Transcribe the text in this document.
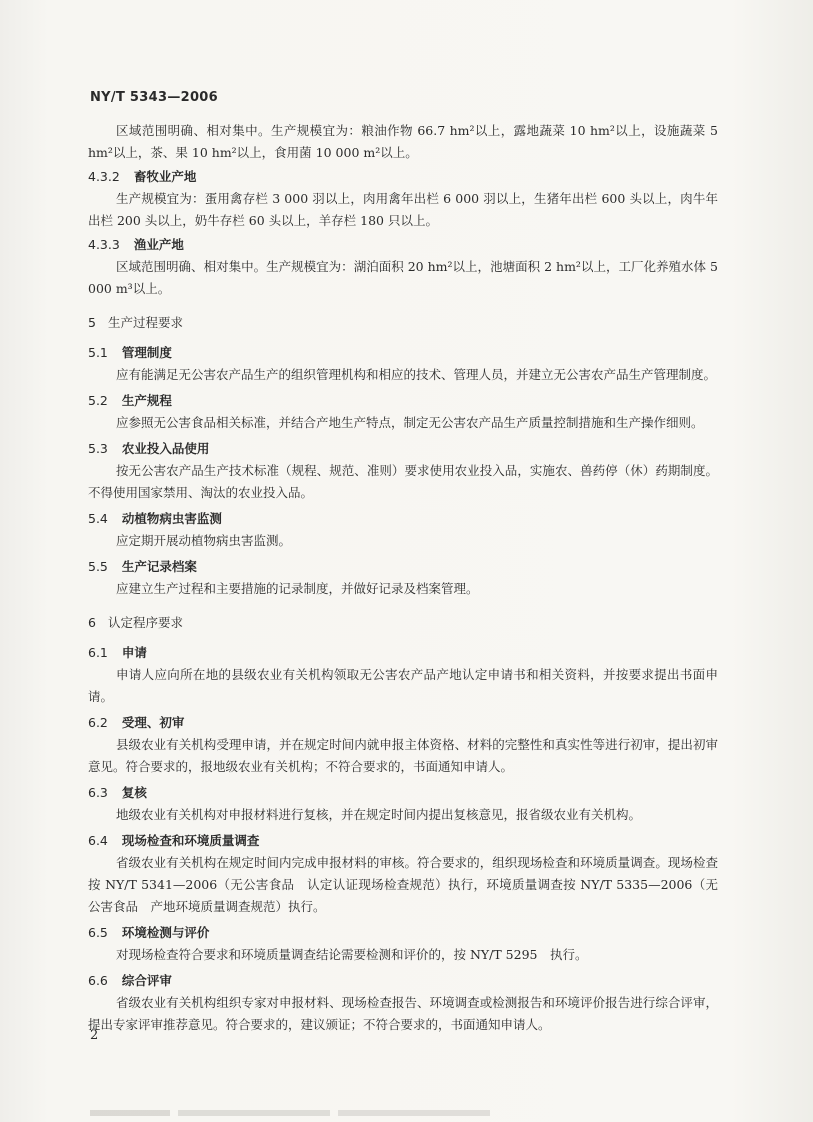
NY/T 5343—2006

区域范围明确、相对集中。生产规模宜为：粮油作物 66.7 hm²以上，露地蔬菜 10 hm²以上，设施蔬菜 5 hm²以上，茶、果 10 hm²以上，食用菌 10 000 m²以上。

4.3.2 畜牧业产地

生产规模宜为：蛋用禽存栏 3 000 羽以上，肉用禽年出栏 6 000 羽以上，生猪年出栏 600 头以上，肉牛年出栏 200 头以上，奶牛存栏 60 头以上，羊存栏 180 只以上。

4.3.3 渔业产地

区域范围明确、相对集中。生产规模宜为：湖泊面积 20 hm²以上，池塘面积 2 hm²以上，工厂化养殖水体 5 000 m³以上。

5 生产过程要求
5.1 管理制度

应有能满足无公害农产品生产的组织管理机构和相应的技术、管理人员，并建立无公害农产品生产管理制度。

5.2 生产规程

应参照无公害食品相关标准，并结合产地生产特点，制定无公害农产品生产质量控制措施和生产操作细则。

5.3 农业投入品使用

按无公害农产品生产技术标准（规程、规范、准则）要求使用农业投入品，实施农、兽药停（休）药期制度。不得使用国家禁用、淘汰的农业投入品。

5.4 动植物病虫害监测

应定期开展动植物病虫害监测。

5.5 生产记录档案

应建立生产过程和主要措施的记录制度，并做好记录及档案管理。

6 认定程序要求
6.1 申请

申请人应向所在地的县级农业有关机构领取无公害农产品产地认定申请书和相关资料，并按要求提出书面申请。

6.2 受理、初审

县级农业有关机构受理申请，并在规定时间内就申报主体资格、材料的完整性和真实性等进行初审，提出初审意见。符合要求的，报地级农业有关机构；不符合要求的，书面通知申请人。

6.3 复核

地级农业有关机构对申报材料进行复核，并在规定时间内提出复核意见，报省级农业有关机构。

6.4 现场检查和环境质量调查

省级农业有关机构在规定时间内完成申报材料的审核。符合要求的，组织现场检查和环境质量调查。现场检查按 NY/T 5341—2006（无公害食品　认定认证现场检查规范）执行，环境质量调查按 NY/T 5335—2006（无公害食品　产地环境质量调查规范）执行。

6.5 环境检测与评价

对现场检查符合要求和环境质量调查结论需要检测和评价的，按 NY/T 5295　执行。

6.6 综合评审

省级农业有关机构组织专家对申报材料、现场检查报告、环境调查或检测报告和环境评价报告进行综合评审，提出专家评审推荐意见。符合要求的，建议颁证；不符合要求的，书面通知申请人。

2
